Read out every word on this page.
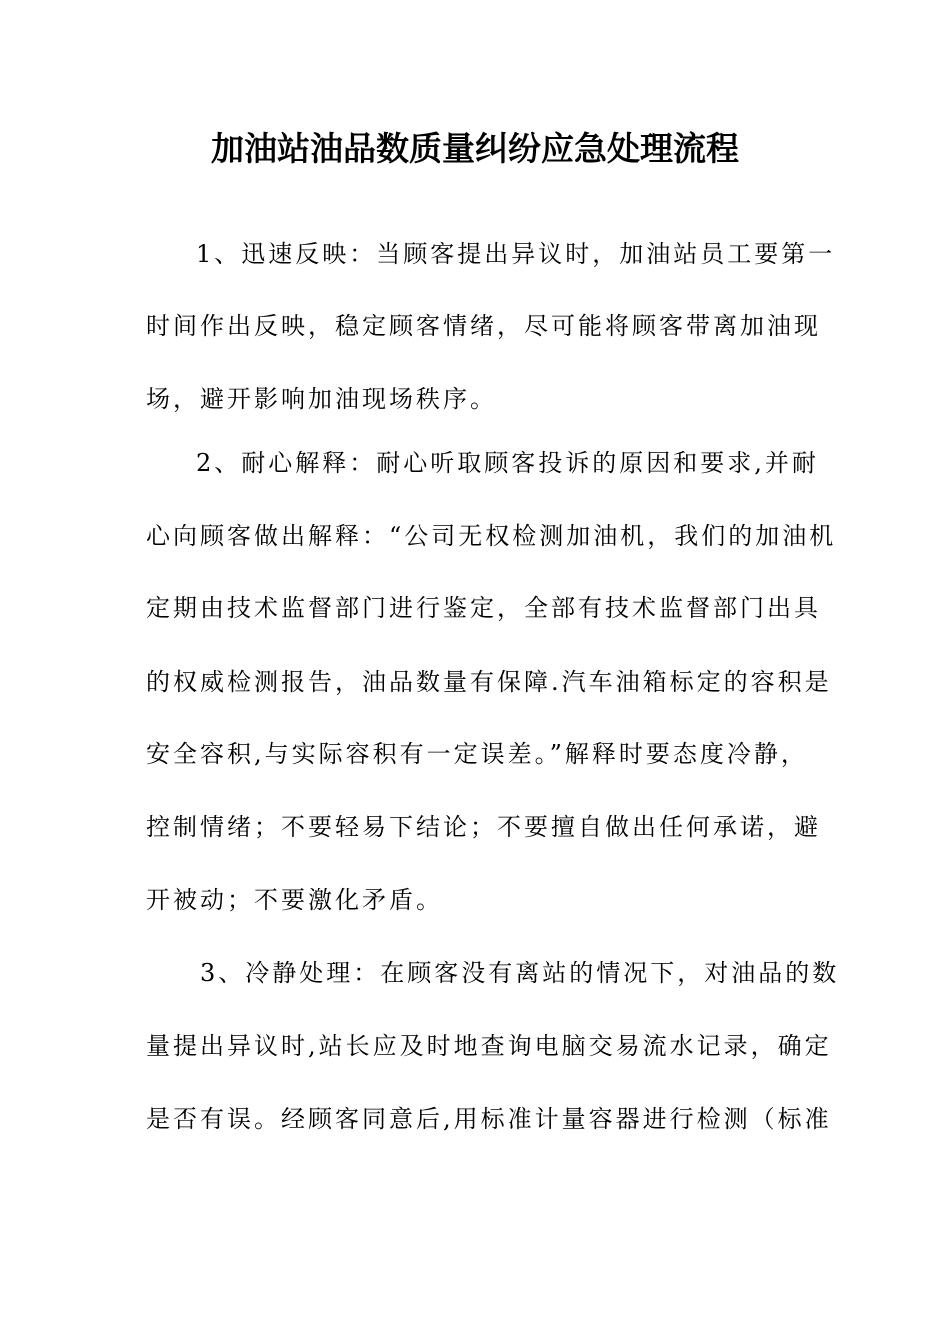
加油站油品数质量纠纷应急处理流程
1、迅速反映：当顾客提出异议时，加油站员工要第一
时间作出反映，稳定顾客情绪，尽可能将顾客带离加油现
场，避开影响加油现场秩序。
2、耐心解释：耐心听取顾客投诉的原因和要求,并耐
心向顾客做出解释：“公司无权检测加油机，我们的加油机
定期由技术监督部门进行鉴定，全部有技术监督部门出具
的权威检测报告，油品数量有保障.汽车油箱标定的容积是
安全容积,与实际容积有一定误差。”解释时要态度冷静，
控制情绪；不要轻易下结论；不要擅自做出任何承诺，避
开被动；不要激化矛盾。
3、冷静处理：在顾客没有离站的情况下，对油品的数
量提出异议时,站长应及时地查询电脑交易流水记录，确定
是否有误。经顾客同意后,用标准计量容器进行检测（标准
